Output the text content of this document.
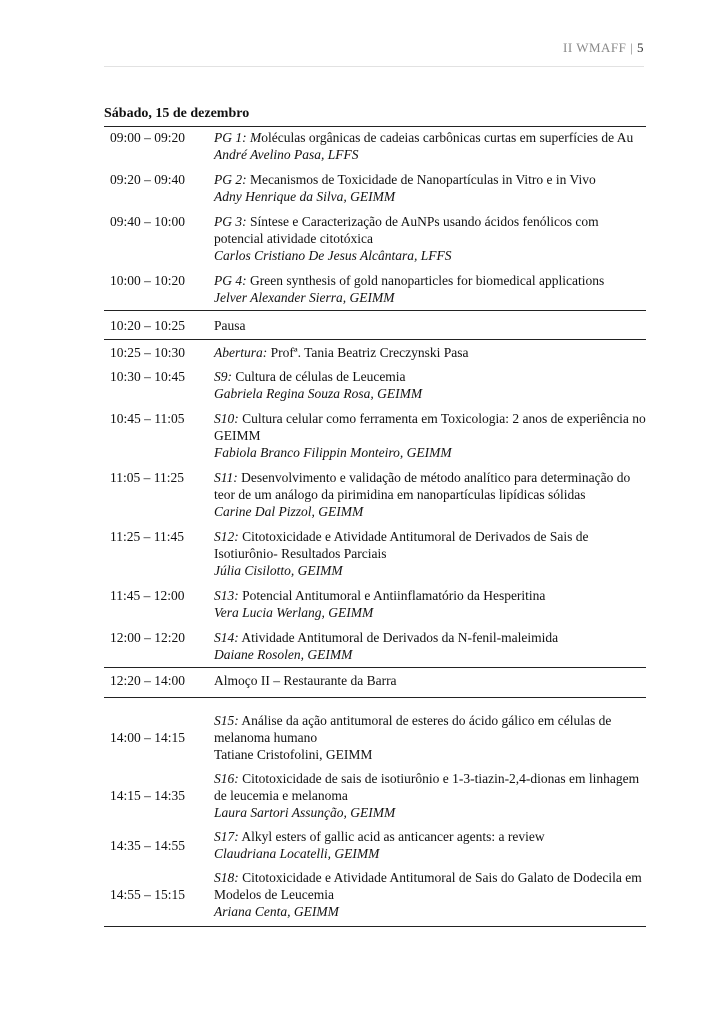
II WMAFF | 5
Sábado, 15 de dezembro
09:00 – 09:20	PG 1: Moléculas orgânicas de cadeias carbônicas curtas em superfícies de Au
André Avelino Pasa, LFFS

09:20 – 09:40	PG 2: Mecanismos de Toxicidade de Nanopartículas in Vitro e in Vivo
Adny Henrique da Silva, GEIMM

09:40 – 10:00	PG 3: Síntese e Caracterização de AuNPs usando ácidos fenólicos com potencial atividade citotóxica
Carlos Cristiano De Jesus Alcântara, LFFS

10:00 – 10:20	PG 4: Green synthesis of gold nanoparticles for biomedical applications
Jelver Alexander Sierra, GEIMM

10:20 – 10:25	Pausa
10:25 – 10:30	Abertura: Profª. Tania Beatriz Creczynski Pasa

10:30 – 10:45	S9: Cultura de células de Leucemia
Gabriela Regina Souza Rosa, GEIMM

10:45 – 11:05	S10: Cultura celular como ferramenta em Toxicologia: 2 anos de experiência no GEIMM
Fabiola Branco Filippin Monteiro, GEIMM

11:05 – 11:25	S11: Desenvolvimento e validação de método analítico para determinação do teor de um análogo da pirimidina em nanopartículas lipídicas sólidas
Carine Dal Pizzol, GEIMM

11:25 – 11:45	S12: Citotoxicidade e Atividade Antitumoral de Derivados de Sais de Isotiurônio- Resultados Parciais
Júlia Cisilotto, GEIMM

11:45 – 12:00	S13: Potencial Antitumoral e Antiinflamatório da Hesperitina
Vera Lucia Werlang, GEIMM

12:00 – 12:20	S14: Atividade Antitumoral de Derivados da N-fenil-maleimida
Daiane Rosolen, GEIMM

12:20 – 14:00	Almoço II – Restaurante da Barra
14:00 – 14:15	S15: Análise da ação antitumoral de esteres do ácido gálico em células de melanoma humano
Tatiane Cristofolini, GEIMM

14:15 – 14:35	S16: Citotoxicidade de sais de isotiurônio e 1-3-tiazin-2,4-dionas em linhagem de leucemia e melanoma
Laura Sartori Assunção, GEIMM

14:35 – 14:55	S17: Alkyl esters of gallic acid as anticancer agents: a review
Claudriana Locatelli, GEIMM

14:55 – 15:15	S18: Citotoxicidade e Atividade Antitumoral de Sais do Galato de Dodecila em Modelos de Leucemia
Ariana Centa, GEIMM
